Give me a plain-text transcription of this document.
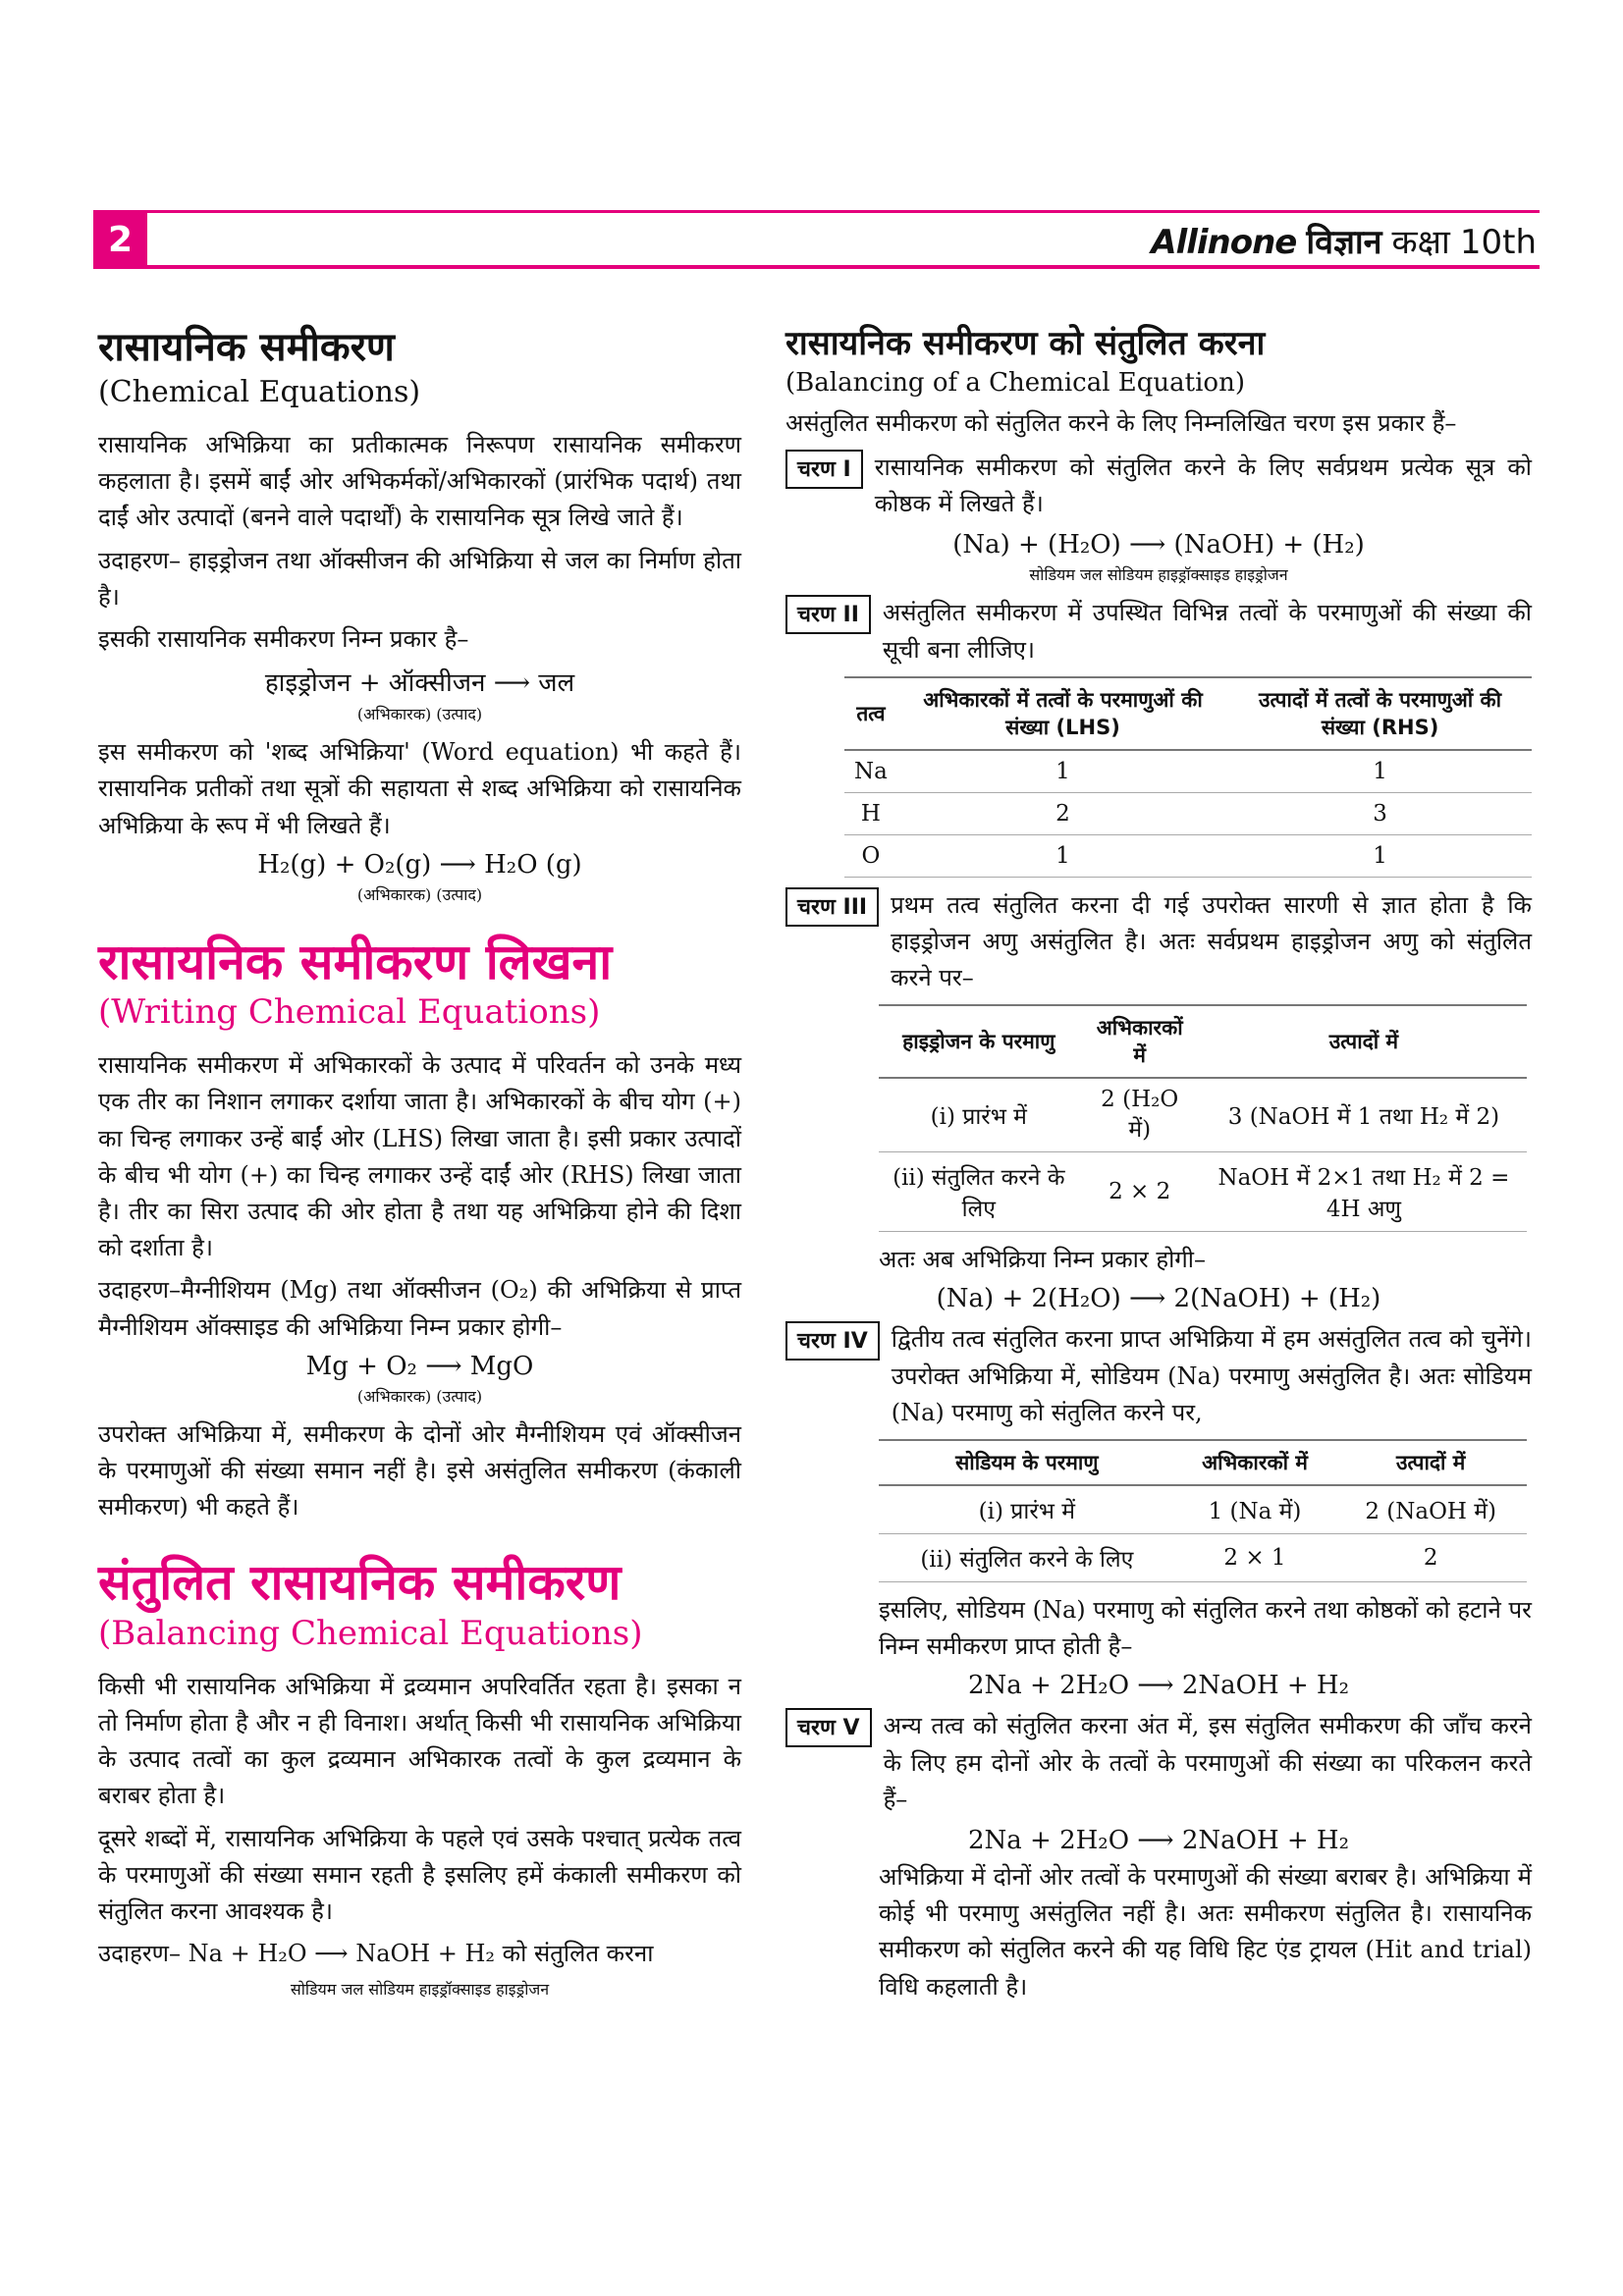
2	Allinone विज्ञान कक्षा 10th
रासायनिक समीकरण
(Chemical Equations)

रासायनिक अभिक्रिया का प्रतीकात्मक निरूपण रासायनिक समीकरण कहलाता है। इसमें बाईं ओर अभिकर्मकों/अभिकारकों (प्रारंभिक पदार्थ) तथा दाईं ओर उत्पादों (बनने वाले पदार्थों) के रासायनिक सूत्र लिखे जाते हैं।

उदाहरण– हाइड्रोजन तथा ऑक्सीजन की अभिक्रिया से जल का निर्माण होता है।

इसकी रासायनिक समीकरण निम्न प्रकार है–

हाइड्रोजन + ऑक्सीजन ⟶ जल
(अभिकारक) (उत्पाद)

इस समीकरण को 'शब्द अभिक्रिया' (Word equation) भी कहते हैं। रासायनिक प्रतीकों तथा सूत्रों की सहायता से शब्द अभिक्रिया को रासायनिक अभिक्रिया के रूप में भी लिखते हैं।

H₂(g) + O₂(g) ⟶ H₂O (g)
(अभिकारक) (उत्पाद)
रासायनिक समीकरण लिखना
(Writing Chemical Equations)

रासायनिक समीकरण में अभिकारकों के उत्पाद में परिवर्तन को उनके मध्य एक तीर का निशान लगाकर दर्शाया जाता है। अभिकारकों के बीच योग (+) का चिन्ह लगाकर उन्हें बाईं ओर (LHS) लिखा जाता है। इसी प्रकार उत्पादों के बीच भी योग (+) का चिन्ह लगाकर उन्हें दाईं ओर (RHS) लिखा जाता है। तीर का सिरा उत्पाद की ओर होता है तथा यह अभिक्रिया होने की दिशा को दर्शाता है।

उदाहरण–मैग्नीशियम (Mg) तथा ऑक्सीजन (O₂) की अभिक्रिया से प्राप्त मैग्नीशियम ऑक्साइड की अभिक्रिया निम्न प्रकार होगी–

Mg + O₂ ⟶ MgO
(अभिकारक) (उत्पाद)

उपरोक्त अभिक्रिया में, समीकरण के दोनों ओर मैग्नीशियम एवं ऑक्सीजन के परमाणुओं की संख्या समान नहीं है। इसे असंतुलित समीकरण (कंकाली समीकरण) भी कहते हैं।

संतुलित रासायनिक समीकरण
(Balancing Chemical Equations)

किसी भी रासायनिक अभिक्रिया में द्रव्यमान अपरिवर्तित रहता है। इसका न तो निर्माण होता है और न ही विनाश। अर्थात् किसी भी रासायनिक अभिक्रिया के उत्पाद तत्वों का कुल द्रव्यमान अभिकारक तत्वों के कुल द्रव्यमान के बराबर होता है।

दूसरे शब्दों में, रासायनिक अभिक्रिया के पहले एवं उसके पश्चात् प्रत्येक तत्व के परमाणुओं की संख्या समान रहती है इसलिए हमें कंकाली समीकरण को संतुलित करना आवश्यक है।

उदाहरण– Na + H₂O ⟶ NaOH + H₂ को संतुलित करना

सोडियम जल सोडियम हाइड्रॉक्साइड हाइड्रोजन
रासायनिक समीकरण को संतुलित करना
(Balancing of a Chemical Equation)

असंतुलित समीकरण को संतुलित करने के लिए निम्नलिखित चरण इस प्रकार हैं–

चरण I	रासायनिक समीकरण को संतुलित करने के लिए सर्वप्रथम प्रत्येक सूत्र को कोष्ठक में लिखते हैं।

(Na) + (H₂O) ⟶ (NaOH) + (H₂)
सोडियम जल सोडियम हाइड्रॉक्साइड हाइड्रोजन
चरण II	असंतुलित समीकरण में उपस्थित विभिन्न तत्वों के परमाणुओं की संख्या की सूची बना लीजिए।

तत्व	अभिकारकों में तत्वों के परमाणुओं की संख्या (LHS)	उत्पादों में तत्वों के परमाणुओं की संख्या (RHS)
Na	1	1
H	2	3
O	1	1
चरण III	प्रथम तत्व संतुलित करना दी गई उपरोक्त सारणी से ज्ञात होता है कि हाइड्रोजन अणु असंतुलित है। अतः सर्वप्रथम हाइड्रोजन अणु को संतुलित करने पर–

हाइड्रोजन के परमाणु	अभिकारकों में	उत्पादों में
(i) प्रारंभ में	2 (H₂O में)	3 (NaOH में 1 तथा H₂ में 2)
(ii) संतुलित करने के लिए	2 × 2	NaOH में 2×1 तथा H₂ में 2 = 4H अणु

अतः अब अभिक्रिया निम्न प्रकार होगी–

(Na) + 2(H₂O) ⟶ 2(NaOH) + (H₂)
चरण IV	द्वितीय तत्व संतुलित करना प्राप्त अभिक्रिया में हम असंतुलित तत्व को चुनेंगे। उपरोक्त अभिक्रिया में, सोडियम (Na) परमाणु असंतुलित है। अतः सोडियम (Na) परमाणु को संतुलित करने पर,

सोडियम के परमाणु	अभिकारकों में	उत्पादों में
(i) प्रारंभ में	1 (Na में)	2 (NaOH में)
(ii) संतुलित करने के लिए	2 × 1	2

इसलिए, सोडियम (Na) परमाणु को संतुलित करने तथा कोष्ठकों को हटाने पर निम्न समीकरण प्राप्त होती है–

2Na + 2H₂O ⟶ 2NaOH + H₂
चरण V	अन्य तत्व को संतुलित करना अंत में, इस संतुलित समीकरण की जाँच करने के लिए हम दोनों ओर के तत्वों के परमाणुओं की संख्या का परिकलन करते हैं–

2Na + 2H₂O ⟶ 2NaOH + H₂

अभिक्रिया में दोनों ओर तत्वों के परमाणुओं की संख्या बराबर है। अभिक्रिया में कोई भी परमाणु असंतुलित नहीं है। अतः समीकरण संतुलित है। रासायनिक समीकरण को संतुलित करने की यह विधि हिट एंड ट्रायल (Hit and trial) विधि कहलाती है।
